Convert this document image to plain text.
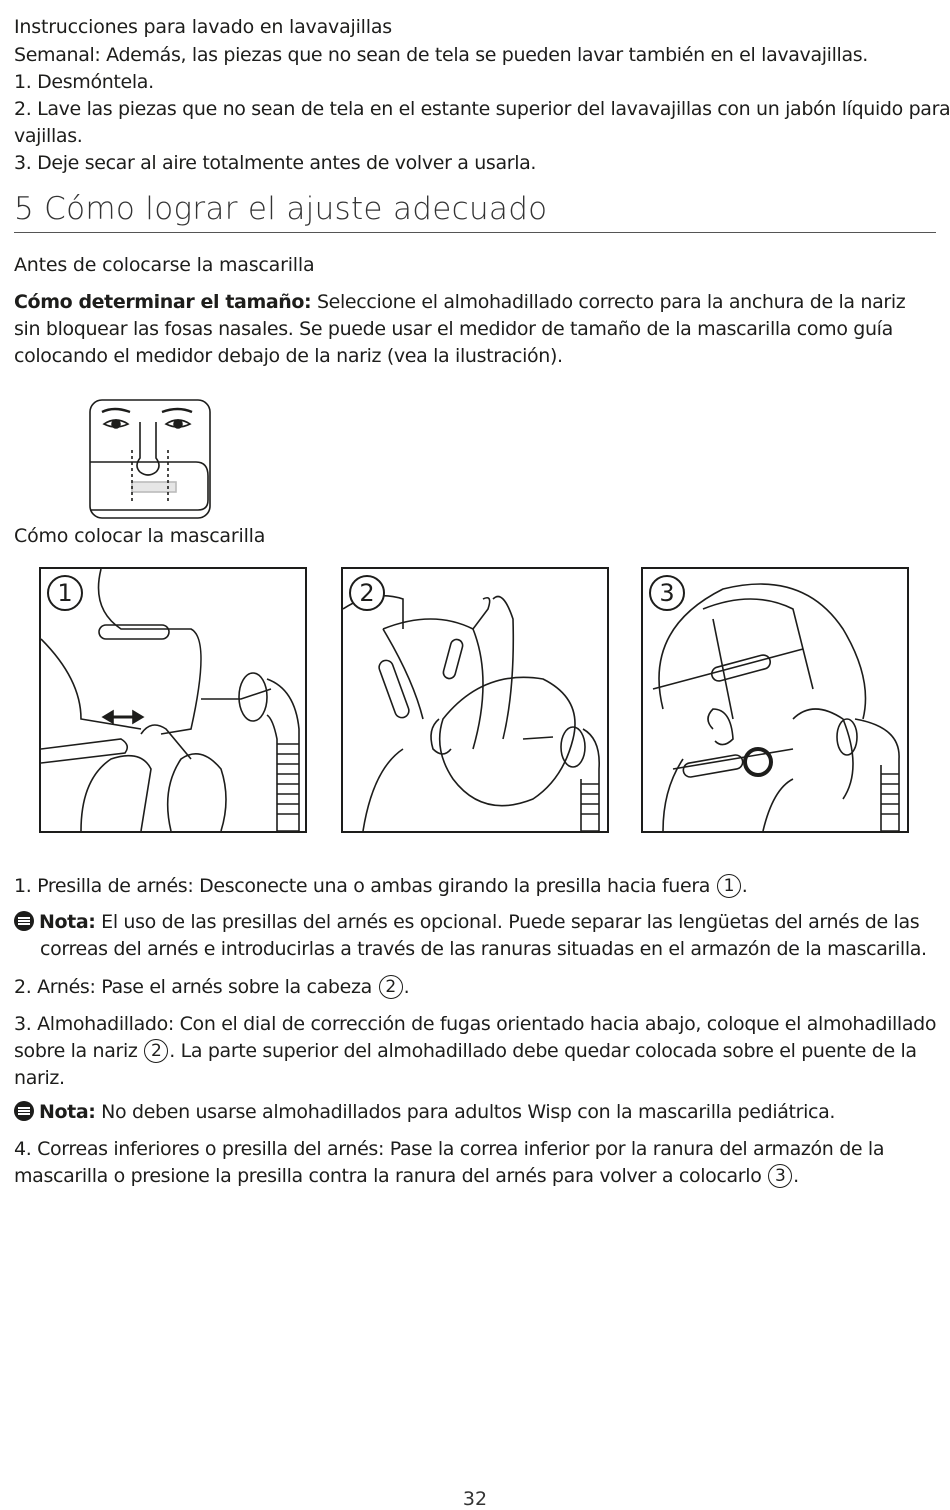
Instrucciones para lavado en lavavajillas
Semanal: Además, las piezas que no sean de tela se pueden lavar también en el lavavajillas.
1. Desmóntela.
2. Lave las piezas que no sean de tela en el estante superior del lavavajillas con un jabón líquido para
vajillas.
3. Deje secar al aire totalmente antes de volver a usarla.
5 Cómo lograr el ajuste adecuado
Antes de colocarse la mascarilla
Cómo determinar el tamaño: Seleccione el almohadillado correcto para la anchura de la nariz
sin bloquear las fosas nasales. Se puede usar el medidor de tamaño de la mascarilla como guía
colocando el medidor debajo de la nariz (vea la ilustración).
Cómo colocar la mascarilla
1	2	3
1. Presilla de arnés: Desconecte una o ambas girando la presilla hacia fuera 1 .
Nota: El uso de las presillas del arnés es opcional. Puede separar las lengüetas del arnés de las
correas del arnés e introducirlas a través de las ranuras situadas en el armazón de la mascarilla.
2. Arnés: Pase el arnés sobre la cabeza 2 .
3. Almohadillado: Con el dial de corrección de fugas orientado hacia abajo, coloque el almohadillado
sobre la nariz 2 . La parte superior del almohadillado debe quedar colocada sobre el puente de la
nariz.
Nota: No deben usarse almohadillados para adultos Wisp con la mascarilla pediátrica.
4. Correas inferiores o presilla del arnés: Pase la correa inferior por la ranura del armazón de la
mascarilla o presione la presilla contra la ranura del arnés para volver a colocarlo 3 .
32
